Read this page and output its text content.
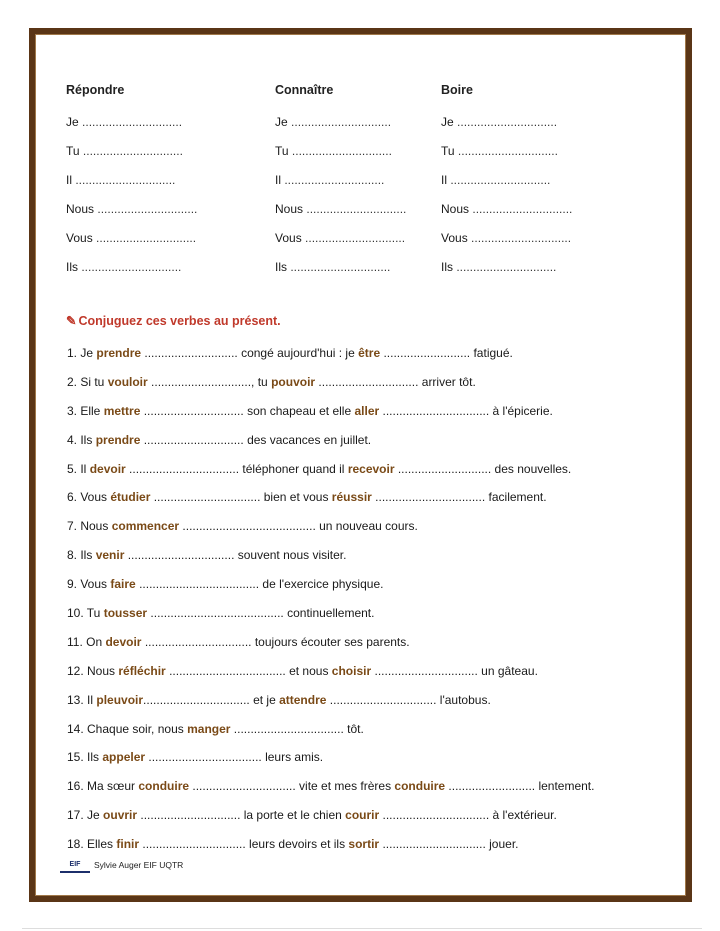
Répondre
Je ..............................
Tu ..............................
Il ..............................
Nous ..............................
Vous ..............................
Ils ..............................
Connaître
Je ..............................
Tu ..............................
Il ..............................
Nous ..............................
Vous ..............................
Ils ..............................
Boire
Je ..............................
Tu ..............................
Il ..............................
Nous ..............................
Vous ..............................
Ils ..............................
✎ Conjuguez ces verbes au présent.
1. Je prendre ............................ congé aujourd'hui : je être .......................... fatigué.
2. Si tu vouloir .............................., tu pouvoir .............................. arriver tôt.
3. Elle mettre .............................. son chapeau et elle aller ................................ à l'épicerie.
4. Ils prendre .............................. des vacances en juillet.
5. Il devoir ................................. téléphoner quand il recevoir ............................ des nouvelles.
6. Vous étudier ................................ bien et vous réussir ................................. facilement.
7. Nous commencer ........................................ un nouveau cours.
8. Ils venir ................................ souvent nous visiter.
9. Vous faire .................................... de l'exercice physique.
10. Tu tousser ........................................ continuellement.
11. On devoir ................................ toujours écouter ses parents.
12. Nous réfléchir ................................... et nous choisir ............................... un gâteau.
13. Il pleuvoir................................ et je attendre ................................ l'autobus.
14. Chaque soir, nous manger ................................. tôt.
15. Ils appeler .................................. leurs amis.
16. Ma sœur conduire ............................... vite et mes frères conduire .......................... lentement.
17. Je ouvrir .............................. la porte et le chien courir ................................ à l'extérieur.
18. Elles finir ............................... leurs devoirs et ils sortir ............................... jouer.
EIF	Sylvie Auger EIF UQTR
